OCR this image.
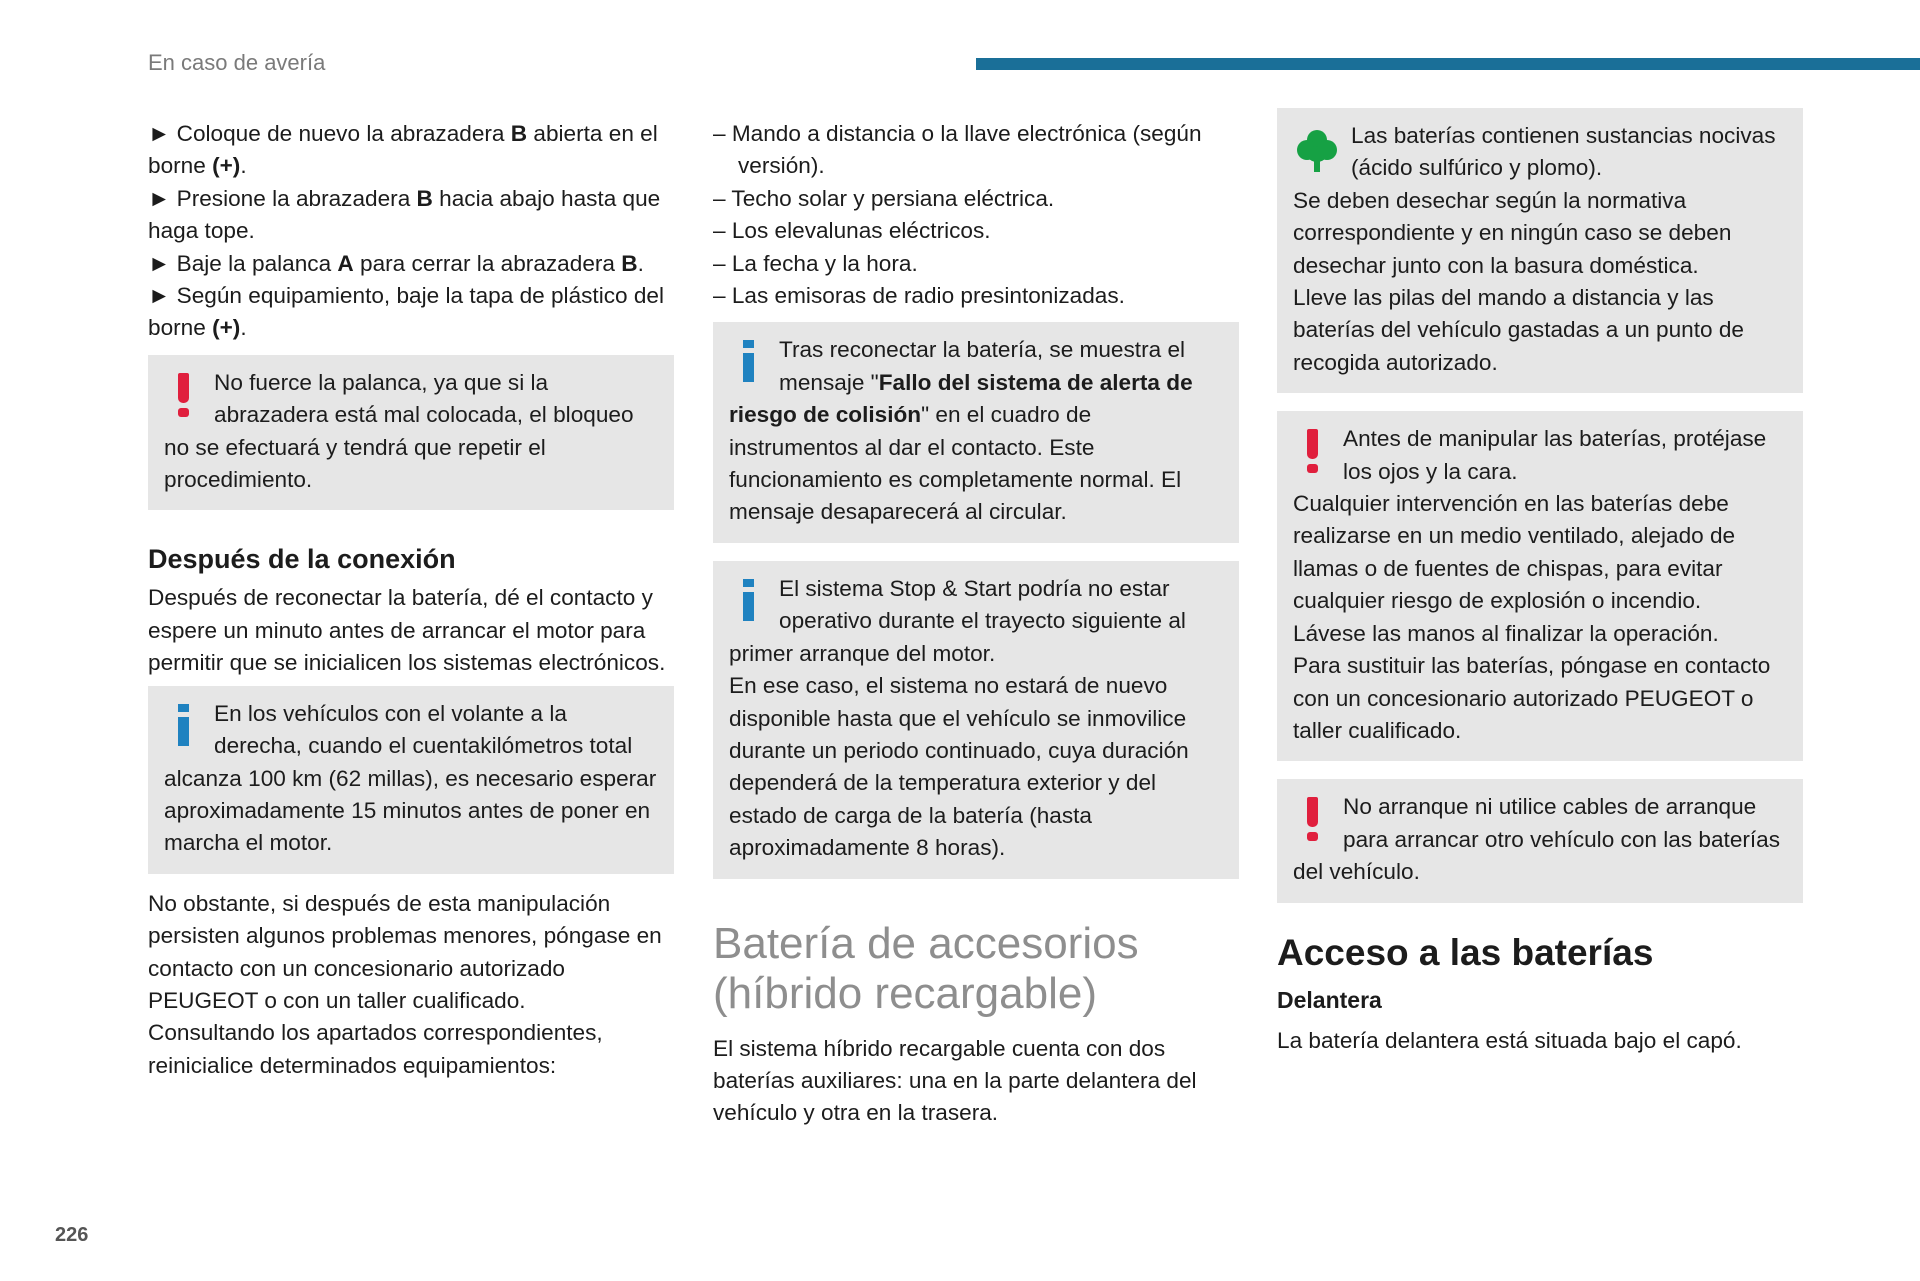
En caso de avería

► Coloque de nuevo la abrazadera B abierta en el borne (+).

► Presione la abrazadera B hacia abajo hasta que haga tope.

► Baje la palanca A para cerrar la abrazadera B.

► Según equipamiento, baje la tapa de plástico del borne (+).

No fuerce la palanca, ya que si la abrazadera está mal colocada, el bloqueo no se efectuará y tendrá que repetir el procedimiento.

Después de la conexión

Después de reconectar la batería, dé el contacto y espere un minuto antes de arrancar el motor para permitir que se inicialicen los sistemas electrónicos.

En los vehículos con el volante a la derecha, cuando el cuentakilómetros total alcanza 100 km (62 millas), es necesario esperar aproximadamente 15 minutos antes de poner en marcha el motor.

No obstante, si después de esta manipulación persisten algunos problemas menores, póngase en contacto con un concesionario autorizado PEUGEOT o con un taller cualificado.

Consultando los apartados correspondientes, reinicialice determinados equipamientos:

– Mando a distancia o la llave electrónica (según versión).

– Techo solar y persiana eléctrica.

– Los elevalunas eléctricos.

– La fecha y la hora.

– Las emisoras de radio presintonizadas.

Tras reconectar la batería, se muestra el mensaje "Fallo del sistema de alerta de riesgo de colisión" en el cuadro de instrumentos al dar el contacto. Este funcionamiento es completamente normal. El mensaje desaparecerá al circular.

El sistema Stop & Start podría no estar operativo durante el trayecto siguiente al primer arranque del motor.

En ese caso, el sistema no estará de nuevo disponible hasta que el vehículo se inmovilice durante un periodo continuado, cuya duración dependerá de la temperatura exterior y del estado de carga de la batería (hasta aproximadamente 8 horas).

Batería de accesorios

(híbrido recargable)

El sistema híbrido recargable cuenta con dos baterías auxiliares: una en la parte delantera del vehículo y otra en la trasera.

Las baterías contienen sustancias nocivas (ácido sulfúrico y plomo).

Se deben desechar según la normativa correspondiente y en ningún caso se deben desechar junto con la basura doméstica.

Lleve las pilas del mando a distancia y las baterías del vehículo gastadas a un punto de recogida autorizado.

Antes de manipular las baterías, protéjase los ojos y la cara.

Cualquier intervención en las baterías debe realizarse en un medio ventilado, alejado de llamas o de fuentes de chispas, para evitar cualquier riesgo de explosión o incendio.

Lávese las manos al finalizar la operación.

Para sustituir las baterías, póngase en contacto con un concesionario autorizado PEUGEOT o taller cualificado.

No arranque ni utilice cables de arranque para arrancar otro vehículo con las baterías del vehículo.

Acceso a las baterías

Delantera

La batería delantera está situada bajo el capó.

226
